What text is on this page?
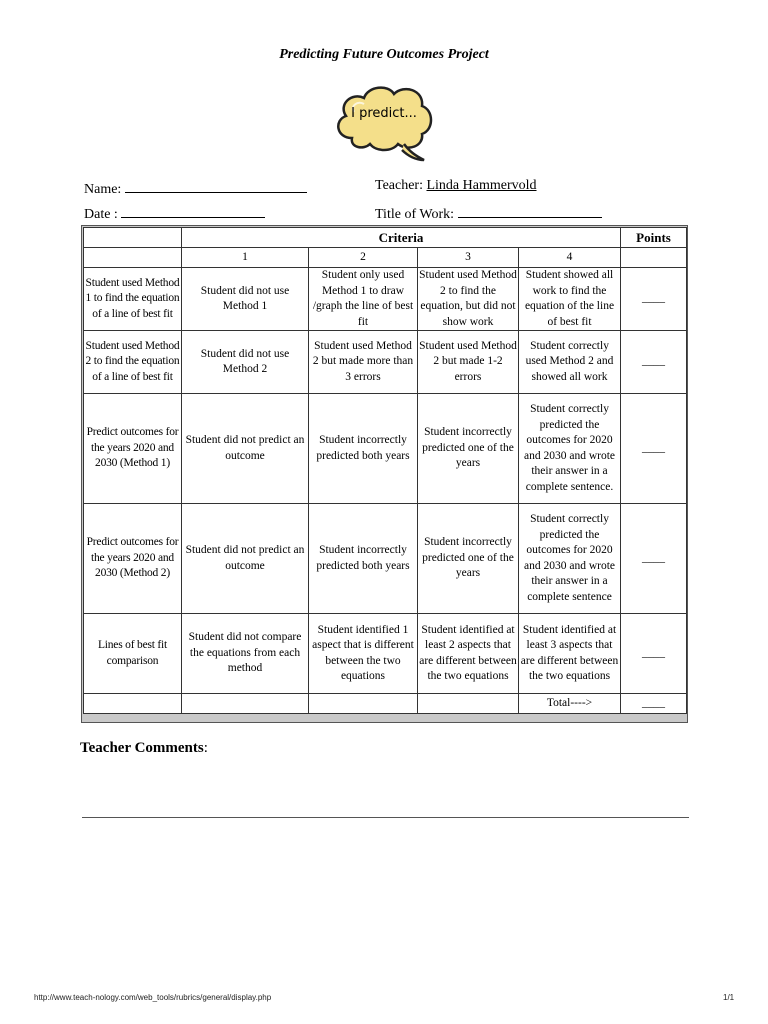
Predicting Future Outcomes Project
I predict...
Name:	Teacher: Linda Hammervold
Date :	Title of Work:
	Criteria				Points
	1	2	3	4	
Student used Method 1 to find the equation of a line of best fit	Student did not use Method 1	Student only used Method 1 to draw /graph the line of best fit	Student used Method 2 to find the equation, but did not show work	Student showed all work to find the equation of the line of best fit	____
Student used Method 2 to find the equation of a line of best fit	Student did not use Method 2	Student used Method 2 but made more than 3 errors	Student used Method 2 but made 1-2 errors	Student correctly used Method 2 and showed all work	____
Predict outcomes for the years 2020 and 2030 (Method 1)	Student did not predict an outcome	Student incorrectly predicted both years	Student incorrectly predicted one of the years	Student correctly predicted the outcomes for 2020 and 2030 and wrote their answer in a complete sentence.	____
Predict outcomes for the years 2020 and 2030 (Method 2)	Student did not predict an outcome	Student incorrectly predicted both years	Student incorrectly predicted one of the years	Student correctly predicted the outcomes for 2020 and 2030 and wrote their answer in a complete sentence	____
Lines of best fit comparison	Student did not compare the equations from each method	Student identified 1 aspect that is different between the two equations	Student identified at least 2 aspects that are different between the two equations	Student identified at least 3 aspects that are different between the two equations	____
				Total---->	____
Teacher Comments:
http://www.teach-nology.com/web_tools/rubrics/general/display.php	1/1
